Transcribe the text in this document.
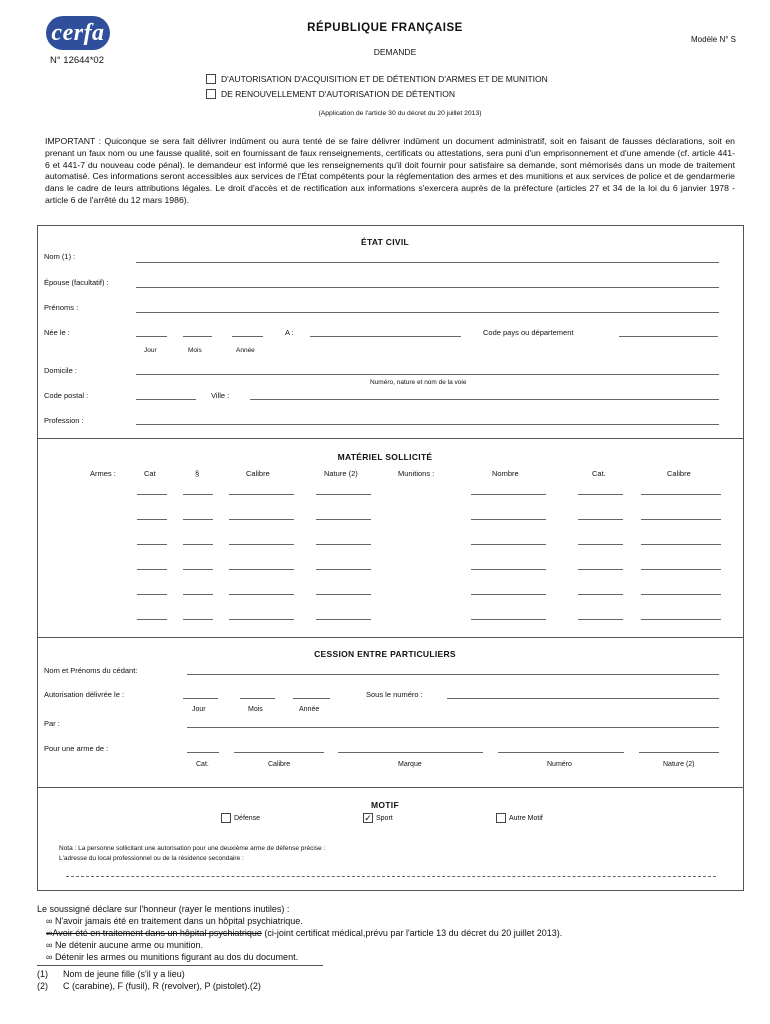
cerfa	RÉPUBLIQUE FRANÇAISE
Modèle N° S
DEMANDE
N° 12644*02
D'AUTORISATION D'ACQUISITION ET DE DÉTENTION D'ARMES ET DE MUNITION
DE RENOUVELLEMENT D'AUTORISATION DE DÉTENTION
(Application de l'article 30 du décret du 20 juillet 2013)
IMPORTANT : Quiconque se sera fait délivrer indûment ou aura tenté de se faire délivrer indûment un document administratif, soit en faisant de fausses déclarations, soit en prenant un faux nom ou une fausse qualité, soit en fournissant de faux renseignements, certificats ou attestations, sera puni d'un emprisonnement et d'une amende (cf. article 441-6 et 441-7 du nouveau code pénal). le demandeur est informé que les renseignements qu'il doit fournir pour satisfaire sa demande, sont mémorisés dans un mode de traitement automatisé. Ces informations seront accessibles aux services de l'État compétents pour la réglementation des armes et des munitions et aux services de police et de gendarmerie dans le cadre de leurs attributions légales. Le droit d'accès et de rectification aux informations s'exercera auprès de la préfecture (articles 27 et 34 de la loi du 6 janvier 1978 - article 6 de l'arrêté du 12 mars 1986).
ÉTAT CIVIL
Nom (1) :
Épouse (facultatif) :
Prénoms :
Née le :	A :	Code pays ou département
Jour	Mois	Année
Domicile :
Numéro, nature et nom de la voie
Code postal :	Ville :
Profession :
MATÉRIEL SOLLICITÉ
Armes :	Cat	§	Calibre	Nature (2)	Munitions :	Nombre	Cat.	Calibre
CESSION ENTRE PARTICULIERS
Nom et Prénoms du cédant:
Autorisation délivrée le :	Sous le numéro :
Jour	Mois	Année
Par :
Pour une arme de :
Cat.	Calibre	Marque	Numéro	Nature (2)
MOTIF
Défense	✓ Sport	Autre Motif
Nota : La personne sollicitant une autorisation pour une deuxième arme de défense précise :
L'adresse du local professionnel ou de la résidence secondaire :
Le soussigné déclare sur l'honneur (rayer le mentions inutiles) :
∞ N'avoir jamais été en traitement dans un hôpital psychiatrique.
∞Avoir été en traitement dans un hôpital psychiatrique (ci-joint certificat médical,prévu par l'article 13 du décret du 20 juillet 2013).
∞ Ne détenir aucune arme ou munition.
∞ Détenir les armes ou munitions figurant au dos du document.
(1) Nom de jeune fille (s'il y a lieu)
(2) C (carabine), F (fusil), R (revolver), P (pistolet).(2)
